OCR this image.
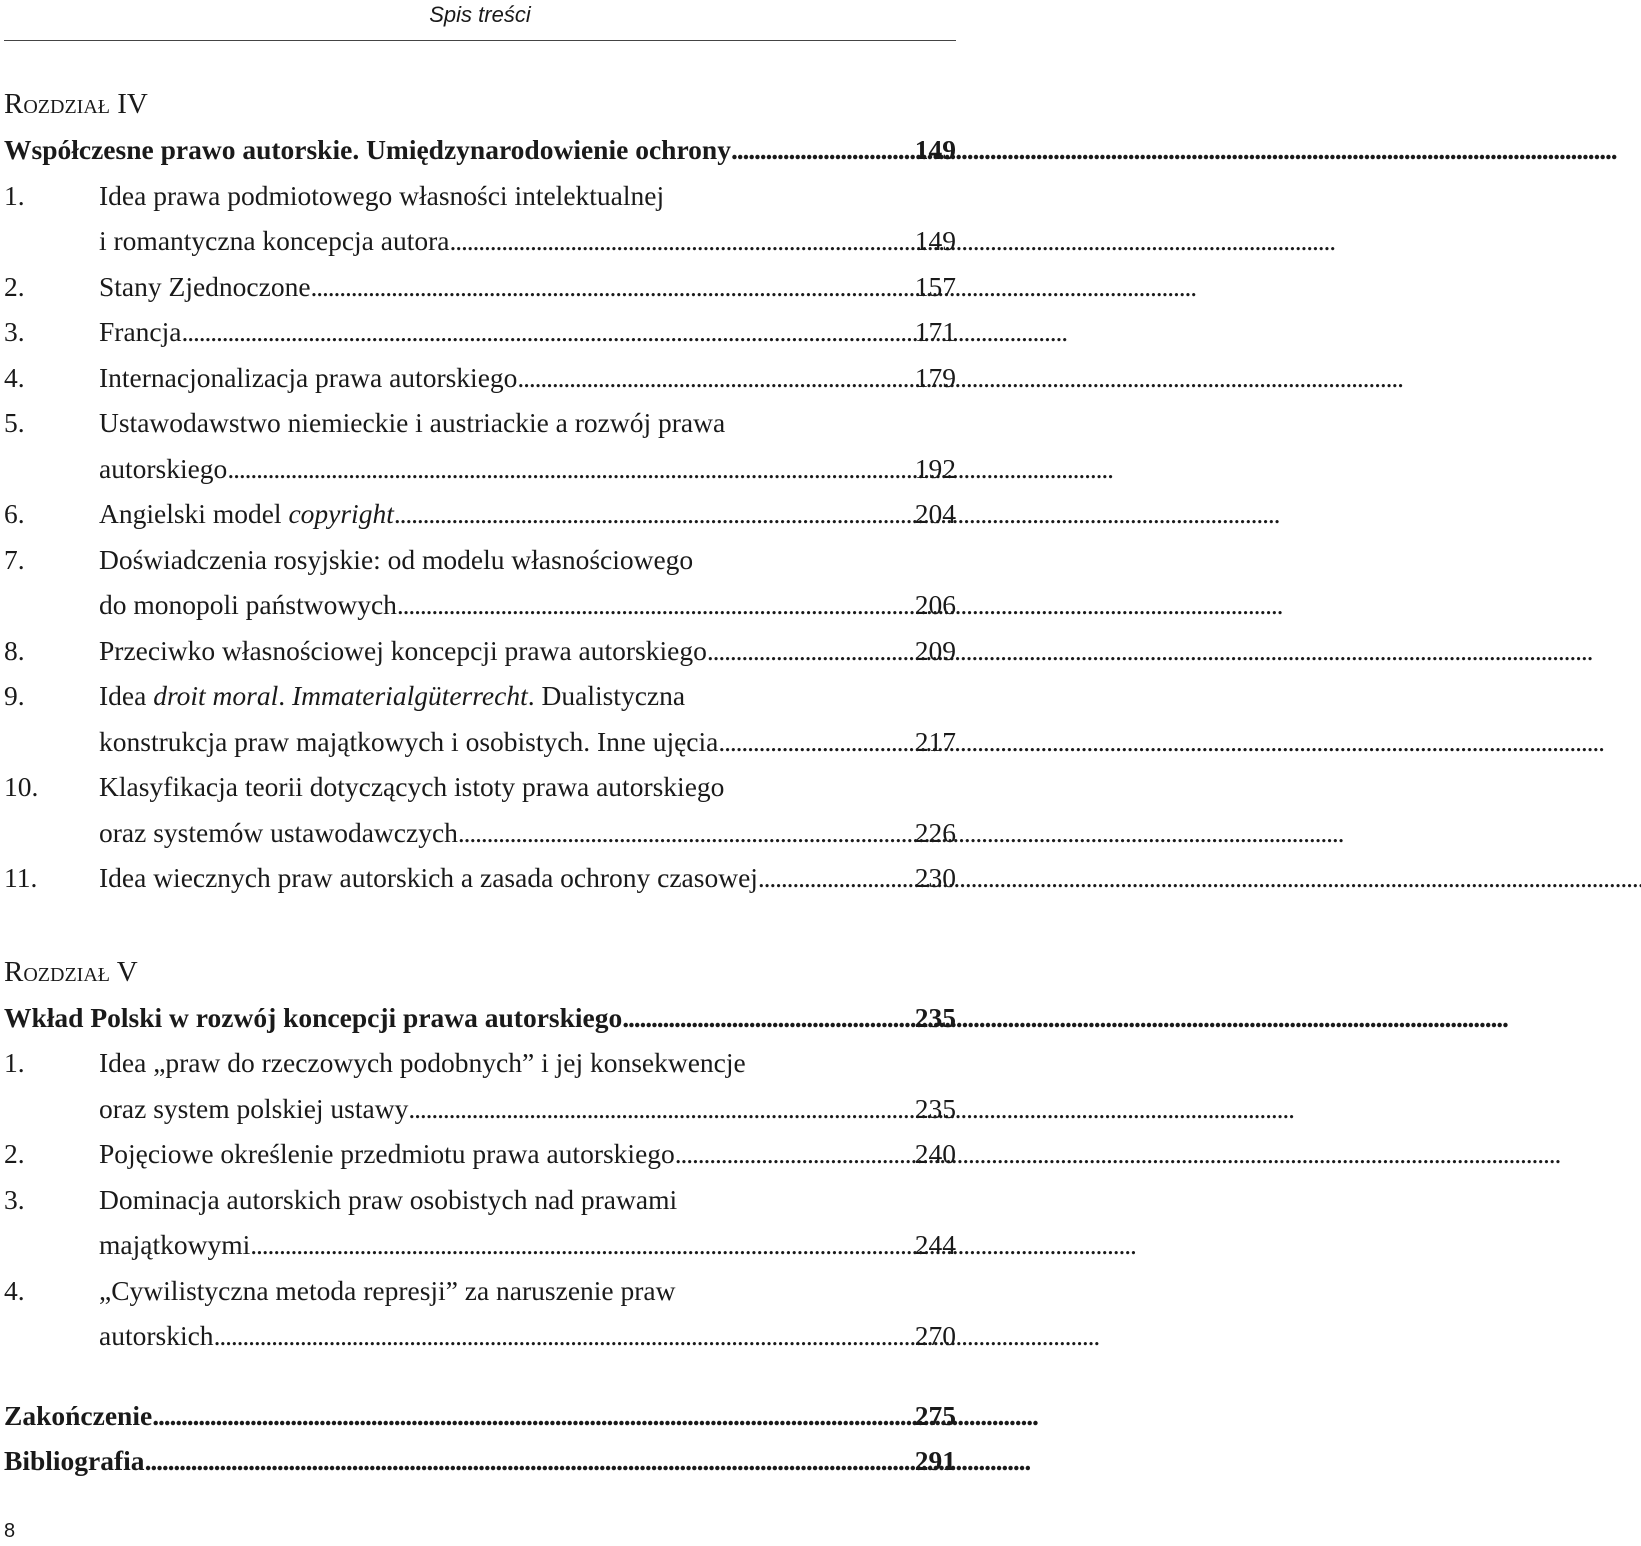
Spis treści
Rozdział IV
Współczesne prawo autorskie. Umiędzynarodowienie ochrony . . .	149
1.	Idea prawa podmiotowego własności intelektualnej
i romantyczna koncepcja autora . . .	149
2.	Stany Zjednoczone . . .	157
3.	Francja . . .	171
4.	Internacjonalizacja prawa autorskiego . . .	179
5.	Ustawodawstwo niemieckie i austriackie a rozwój prawa
autorskiego . . .	192
6.	Angielski model copyright . . .	204
7.	Doświadczenia rosyjskie: od modelu własnościowego
do monopoli państwowych . . .	206
8.	Przeciwko własnościowej koncepcji prawa autorskiego . . .	209
9.	Idea droit moral. Immaterialgüterrecht. Dualistyczna
konstrukcja praw majątkowych i osobistych. Inne ujęcia . . .	217
10.	Klasyfikacja teorii dotyczących istoty prawa autorskiego
oraz systemów ustawodawczych . . .	226
11.	Idea wiecznych praw autorskich a zasada ochrony czasowej . . .	230
Rozdział V
Wkład Polski w rozwój koncepcji prawa autorskiego . . .	235
1.	Idea „praw do rzeczowych podobnych” i jej konsekwencje
oraz system polskiej ustawy . . .	235
2.	Pojęciowe określenie przedmiotu prawa autorskiego . . .	240
3.	Dominacja autorskich praw osobistych nad prawami
majątkowymi . . .	244
4.	„Cywilistyczna metoda represji” za naruszenie praw
autorskich . . .	270
Zakończenie . . .	275
Bibliografia . . .	291
8
